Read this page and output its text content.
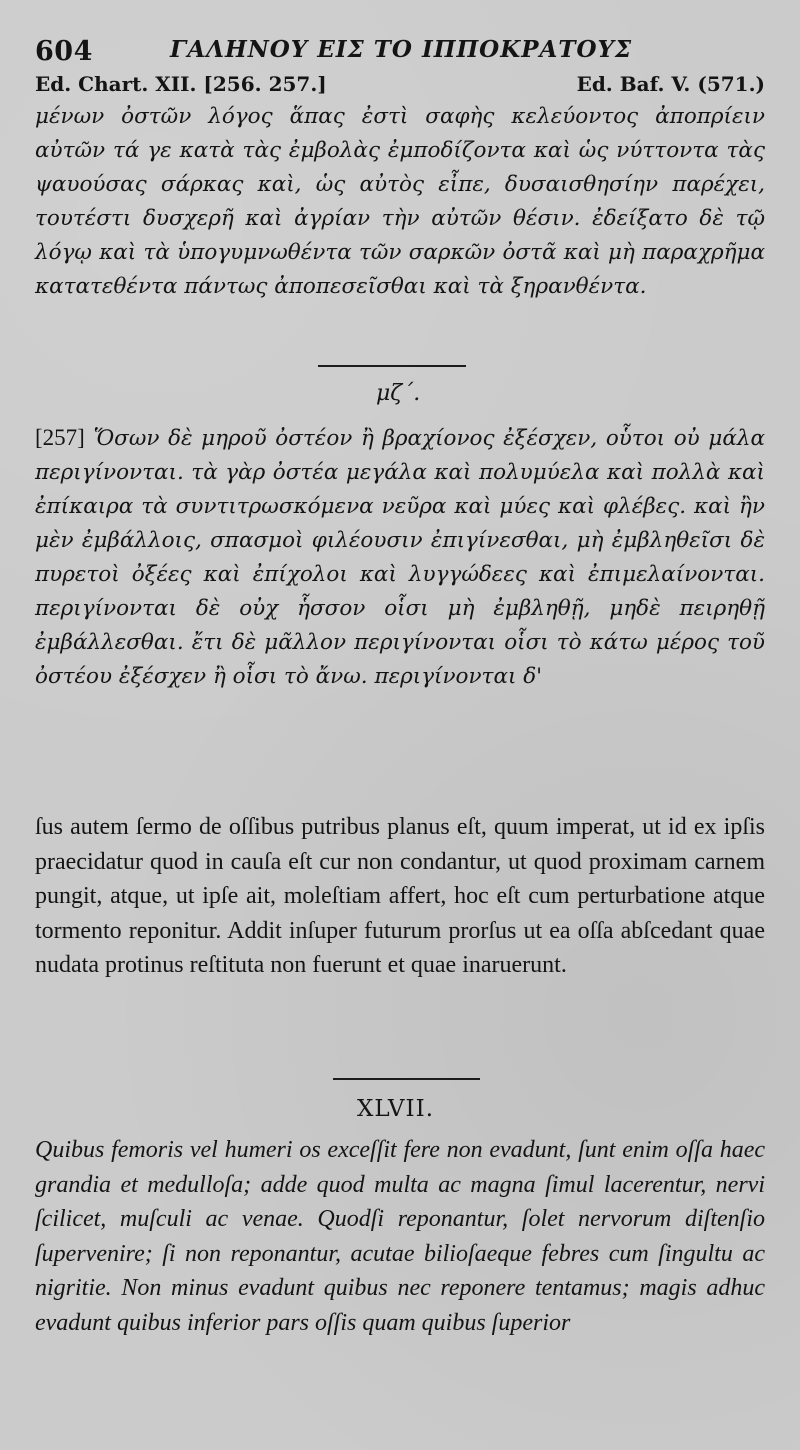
604	ΓΑΛΗΝΟΥ ΕΙΣ ΤΟ ΙΠΠΟΚΡΑΤΟΥΣ
Ed. Chart. XII. [256. 257.]	Ed. Baf. V. (571.)

μένων ὀστῶν λόγος ἅπας ἐστὶ σαφὴς κελεύοντος ἀποπρίειν αὐτῶν τά γε κατὰ τὰς ἐμβολὰς ἐμποδίζοντα καὶ ὡς νύττοντα τὰς ψαυούσας σάρκας καὶ, ὡς αὐτὸς εἶπε, δυσαισθησίην παρέχει, τουτέστι δυσχερῆ καὶ ἀγρίαν τὴν αὐτῶν θέσιν. ἐδείξατο δὲ τῷ λόγῳ καὶ τὰ ὑπογυμνωθέντα τῶν σαρκῶν ὀστᾶ καὶ μὴ παραχρῆμα κατατεθέντα πάντως ἀποπεσεῖσθαι καὶ τὰ ξηρανθέντα.

μζ΄.

[257] Ὅσων δὲ μηροῦ ὀστέον ἢ βραχίονος ἐξέσχεν, οὗτοι οὐ μάλα περιγίνονται. τὰ γὰρ ὀστέα μεγάλα καὶ πολυμύελα καὶ πολλὰ καὶ ἐπίκαιρα τὰ συντιτρωσκόμενα νεῦρα καὶ μύες καὶ φλέβες. καὶ ἢν μὲν ἐμβάλλοις, σπασμοὶ φιλέουσιν ἐπιγίνεσθαι, μὴ ἐμβληθεῖσι δὲ πυρετοὶ ὀξέες καὶ ἐπίχολοι καὶ λυγγώδεες καὶ ἐπιμελαίνονται. περιγίνονται δὲ οὐχ ἧσσον οἷσι μὴ ἐμβληθῇ, μηδὲ πειρηθῇ ἐμβάλλεσθαι. ἔτι δὲ μᾶλλον περιγίνονται οἷσι τὸ κάτω μέρος τοῦ ὀστέου ἐξέσχεν ἢ οἷσι τὸ ἄνω. περιγίνονται δ'

ſus autem ſermo de oſſibus putribus planus eſt, quum imperat, ut id ex ipſis praecidatur quod in cauſa eſt cur non condantur, ut quod proximam carnem pungit, atque, ut ipſe ait, moleſtiam affert, hoc eſt cum perturbatione atque tormento reponitur. Addit inſuper futurum prorſus ut ea oſſa abſcedant quae nudata protinus reſtituta non fuerunt et quae inaruerunt.

XLVII.

Quibus femoris vel humeri os exceſſit fere non evadunt, ſunt enim oſſa haec grandia et medulloſa; adde quod multa ac magna ſimul lacerentur, nervi ſcilicet, muſculi ac venae. Quodſi reponantur, ſolet nervorum diſtenſio ſupervenire; ſi non reponantur, acutae bilioſaeque febres cum ſingultu ac nigritie. Non minus evadunt quibus nec reponere tentamus; magis adhuc evadunt quibus inferior pars oſſis quam quibus ſuperior
